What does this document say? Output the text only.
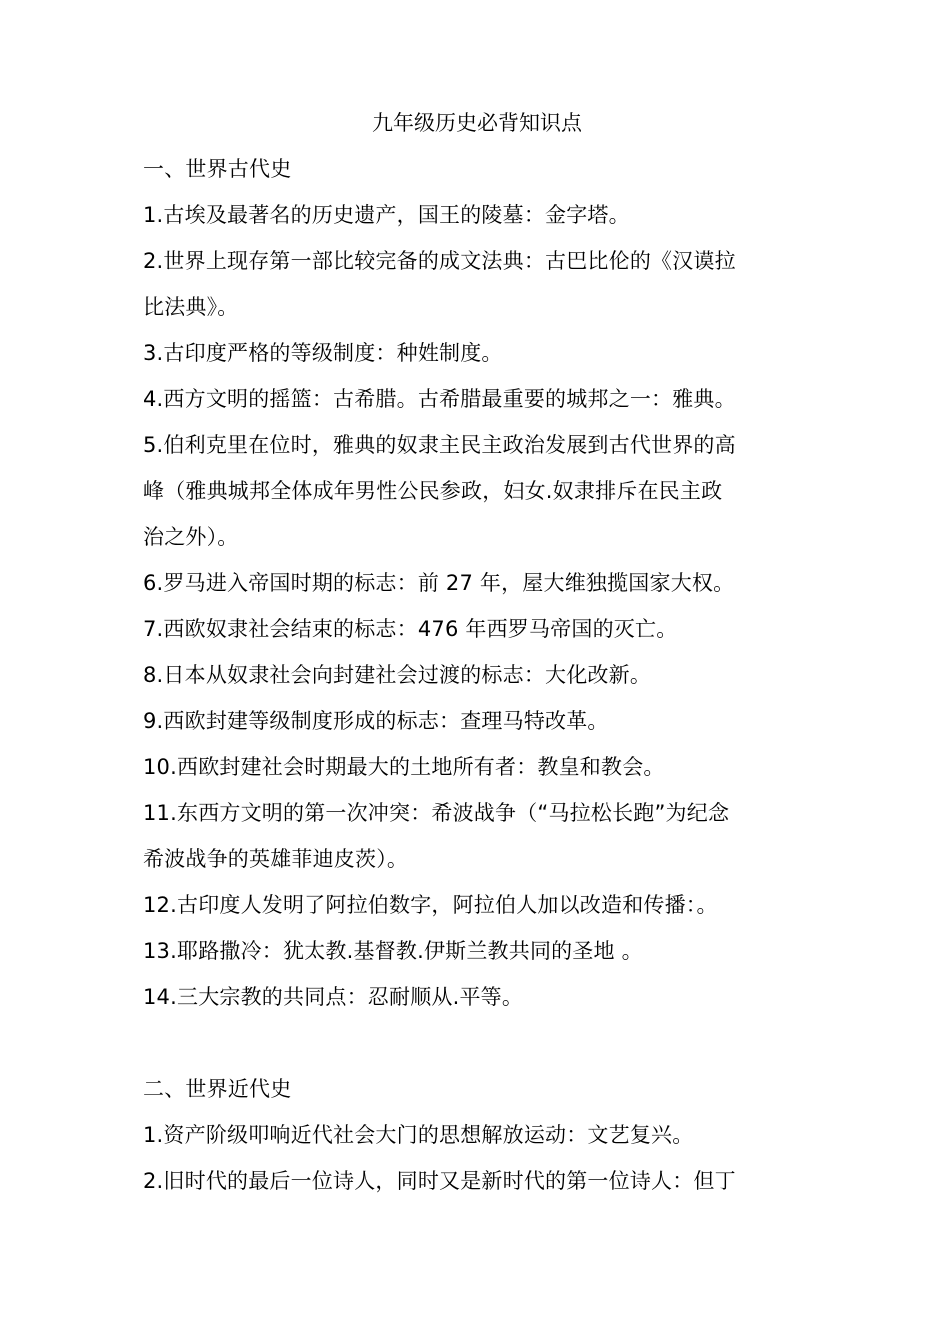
九年级历史必背知识点
一、世界古代史
1.古埃及最著名的历史遗产，国王的陵墓：金字塔。
2.世界上现存第一部比较完备的成文法典：古巴比伦的《汉谟拉
比法典》。
3.古印度严格的等级制度：种姓制度。
4.西方文明的摇篮：古希腊。古希腊最重要的城邦之一：雅典。
5.伯利克里在位时，雅典的奴隶主民主政治发展到古代世界的高
峰（雅典城邦全体成年男性公民参政，妇女.奴隶排斥在民主政
治之外）。
6.罗马进入帝国时期的标志：前 27 年，屋大维独揽国家大权。
7.西欧奴隶社会结束的标志：476 年西罗马帝国的灭亡。
8.日本从奴隶社会向封建社会过渡的标志：大化改新。
9.西欧封建等级制度形成的标志：查理马特改革。
10.西欧封建社会时期最大的土地所有者：教皇和教会。
11.东西方文明的第一次冲突：希波战争（“马拉松长跑”为纪念
希波战争的英雄菲迪皮茨）。
12.古印度人发明了阿拉伯数字，阿拉伯人加以改造和传播：。
13.耶路撒冷：犹太教.基督教.伊斯兰教共同的圣地 。
14.三大宗教的共同点：忍耐顺从.平等。
二、世界近代史
1.资产阶级叩响近代社会大门的思想解放运动：文艺复兴。
2.旧时代的最后一位诗人，同时又是新时代的第一位诗人：但丁
